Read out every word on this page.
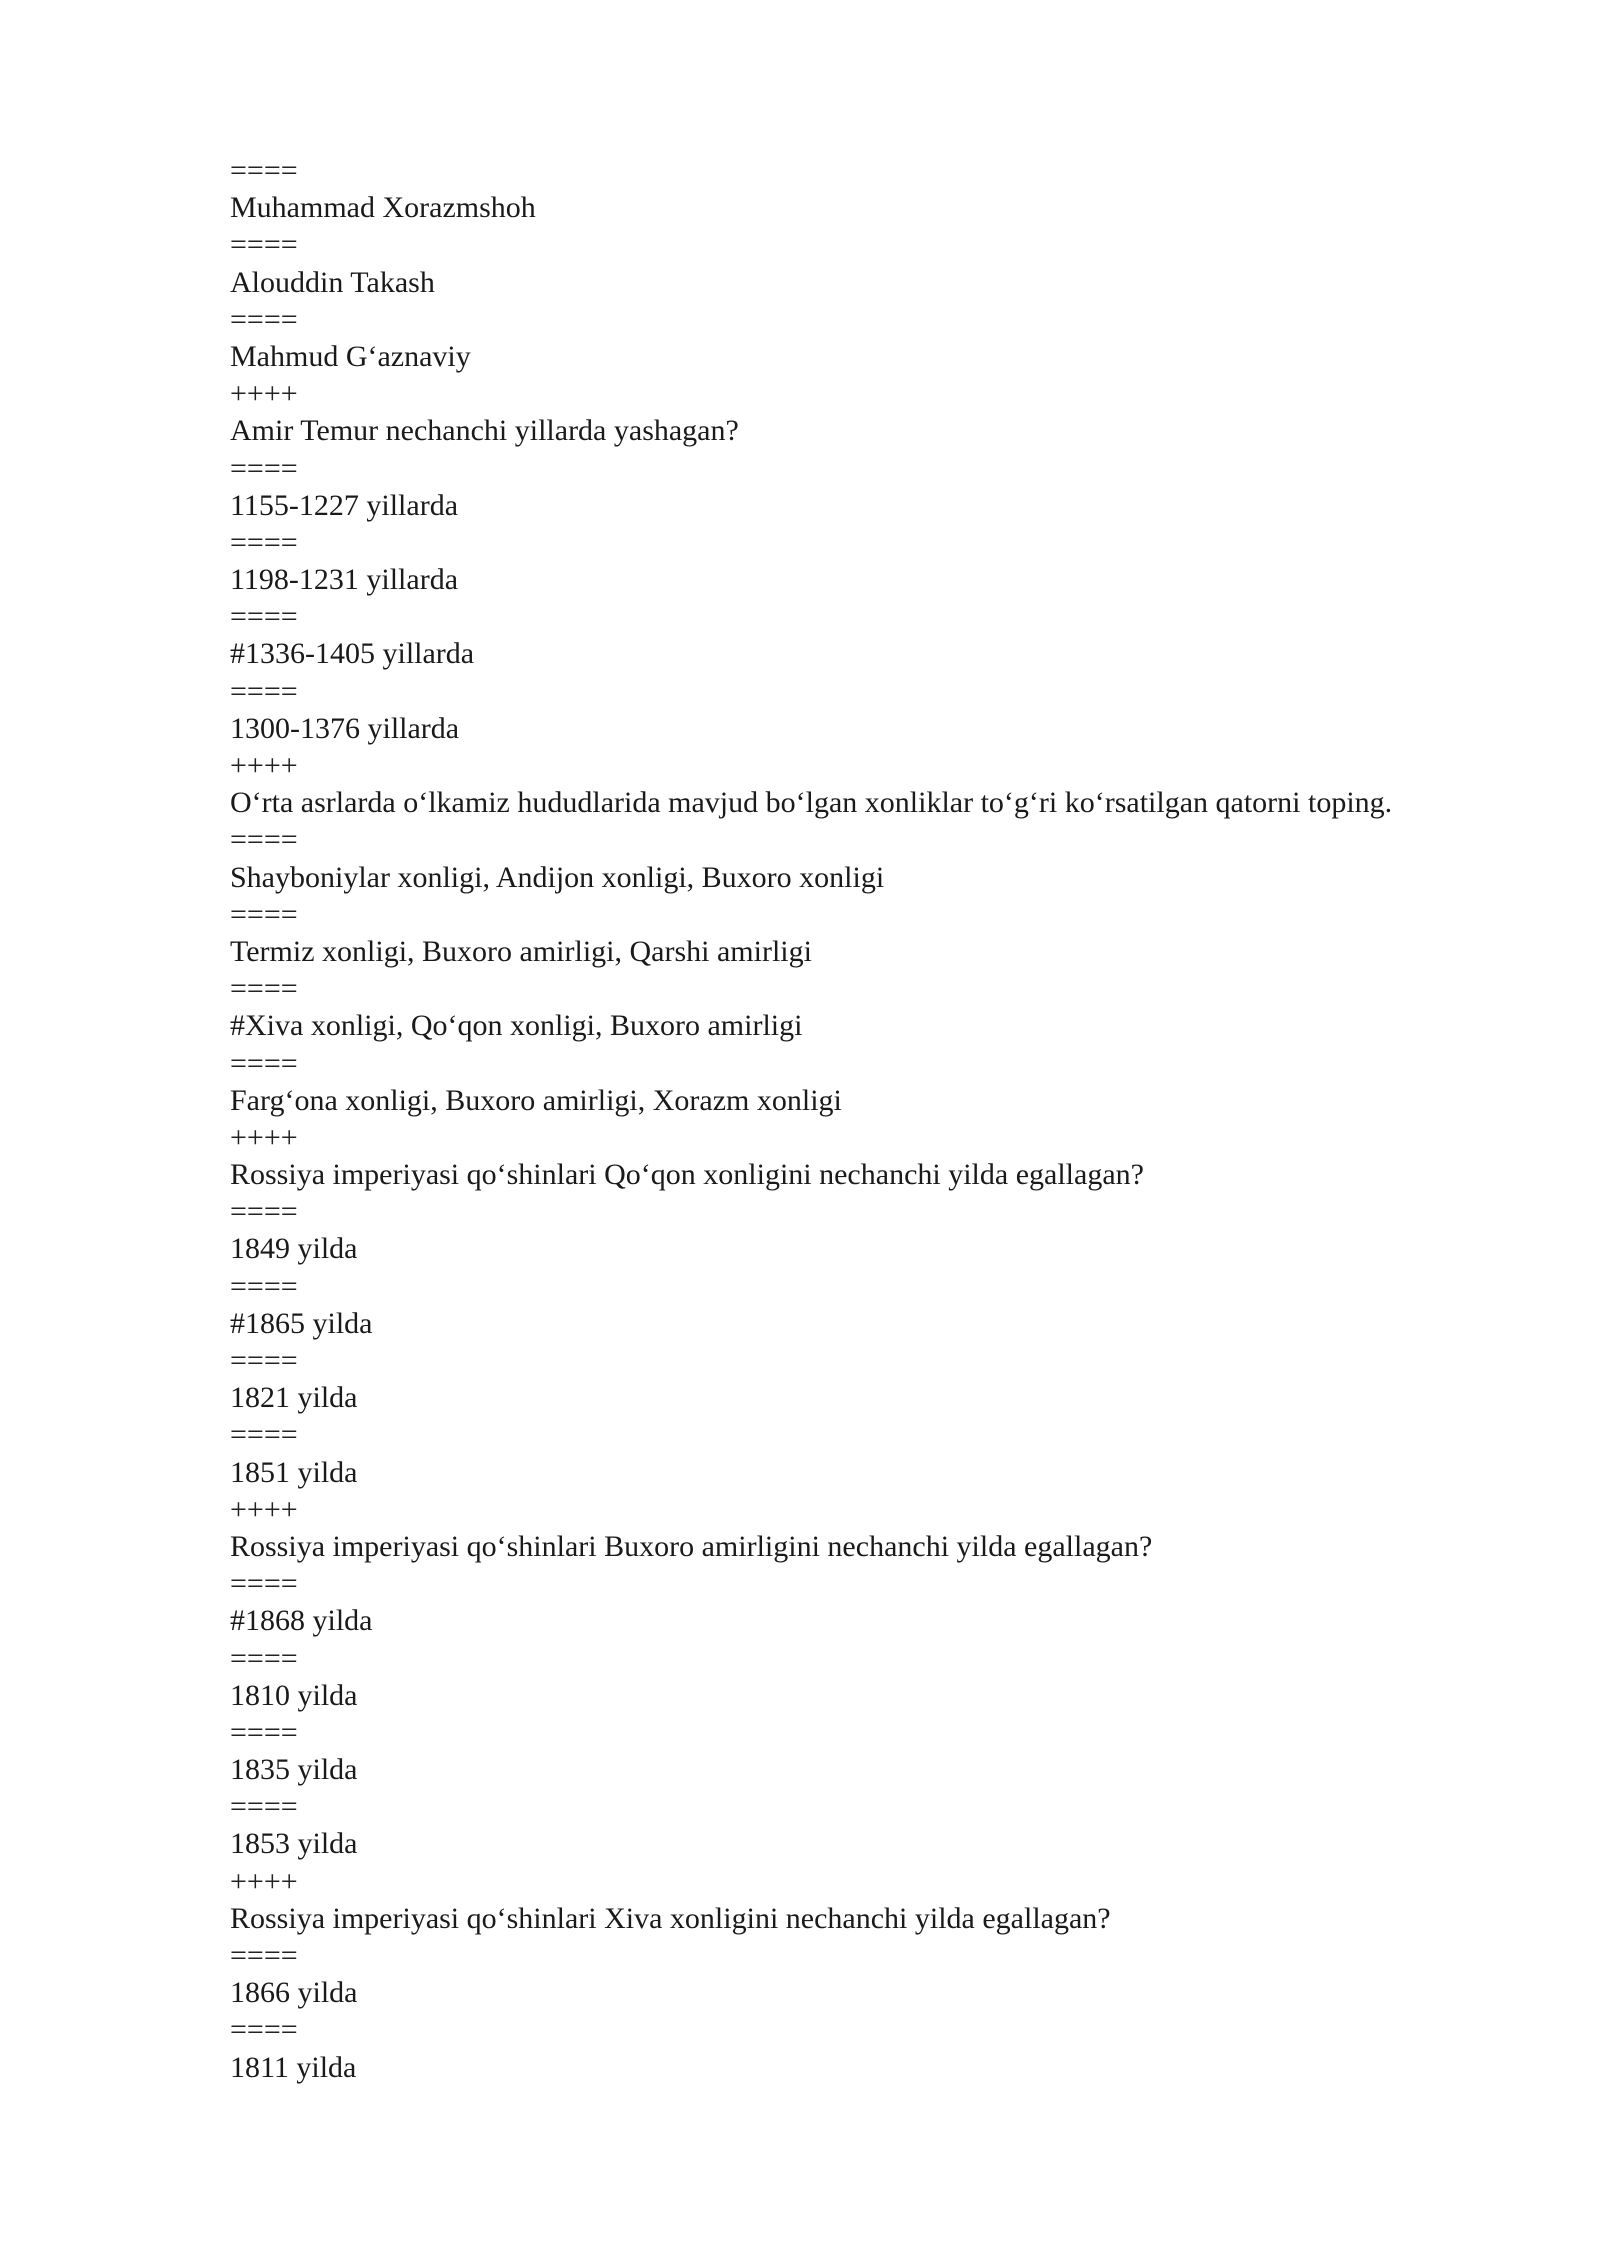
====
Muhammad Xorazmshoh
====
Alouddin Takash
====
Mahmud G‘aznaviy
++++
Amir Temur nechanchi yillarda yashagan?
====
1155-1227 yillarda
====
1198-1231 yillarda
====
#1336-1405 yillarda
====
1300-1376 yillarda
++++
O‘rta asrlarda o‘lkamiz hududlarida mavjud bo‘lgan xonliklar to‘g‘ri ko‘rsatilgan qatorni toping.
====
Shayboniylar xonligi, Andijon xonligi, Buxoro xonligi
====
Termiz xonligi, Buxoro amirligi, Qarshi amirligi
====
#Xiva xonligi, Qo‘qon xonligi, Buxoro amirligi
====
Farg‘ona xonligi, Buxoro amirligi, Xorazm xonligi
++++
Rossiya imperiyasi qo‘shinlari Qo‘qon xonligini nechanchi yilda egallagan?
====
1849 yilda
====
#1865 yilda
====
1821 yilda
====
1851 yilda
++++
Rossiya imperiyasi qo‘shinlari Buxoro amirligini nechanchi yilda egallagan?
====
#1868 yilda
====
1810 yilda
====
1835 yilda
====
1853 yilda
++++
Rossiya imperiyasi qo‘shinlari Xiva xonligini nechanchi yilda egallagan?
====
1866 yilda
====
1811 yilda
